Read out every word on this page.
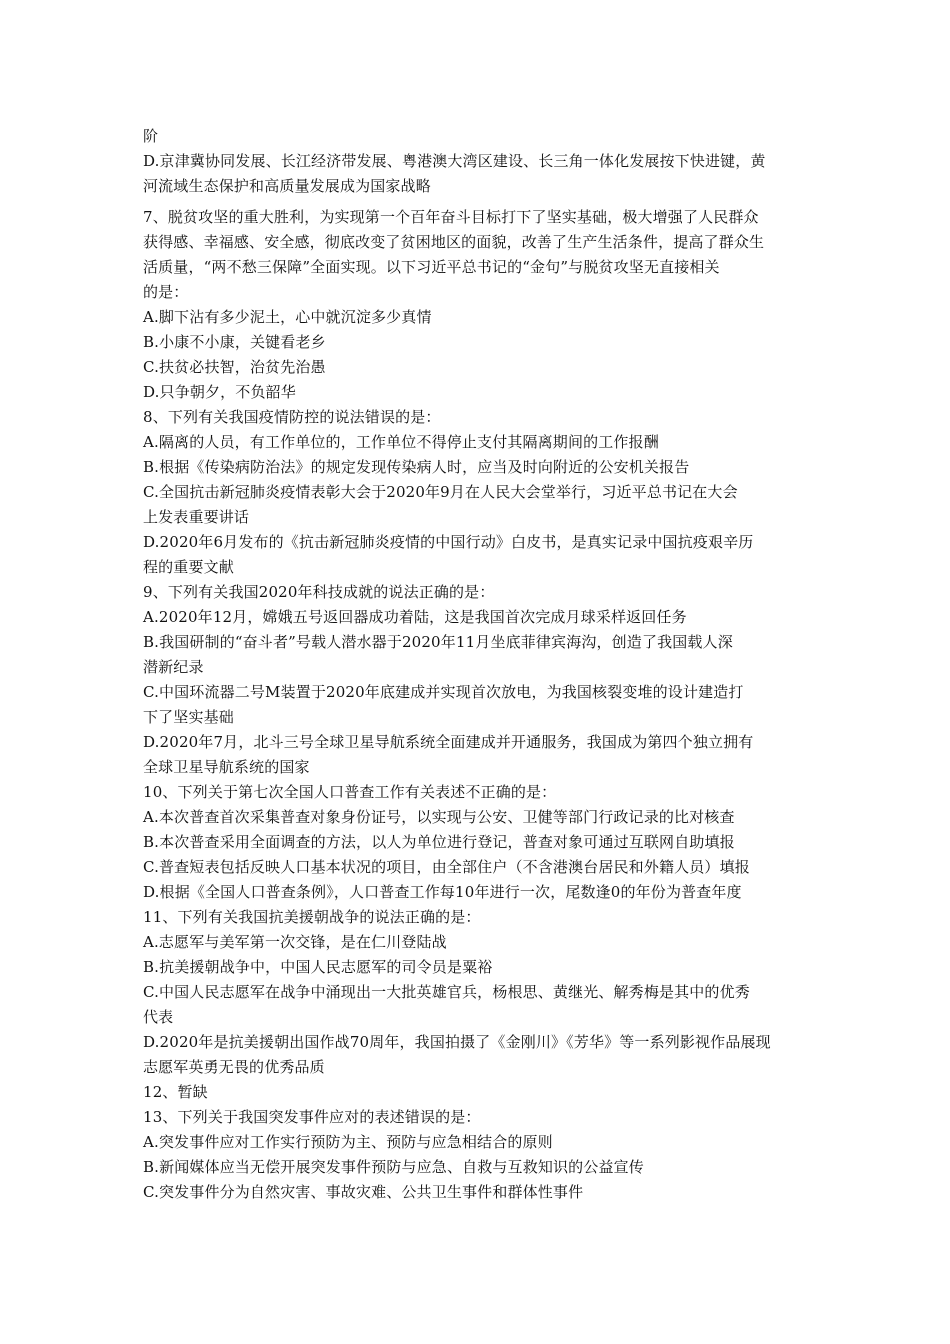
阶
D.京津冀协同发展、长江经济带发展、粤港澳大湾区建设、长三角一体化发展按下快进键，黄
河流域生态保护和高质量发展成为国家战略
7、脱贫攻坚的重大胜利，为实现第一个百年奋斗目标打下了坚实基础，极大增强了人民群众
获得感、幸福感、安全感，彻底改变了贫困地区的面貌，改善了生产生活条件，提高了群众生
活质量，“两不愁三保障”全面实现。以下习近平总书记的“金句”与脱贫攻坚无直接相关
的是：
A.脚下沾有多少泥土，心中就沉淀多少真情
B.小康不小康，关键看老乡
C.扶贫必扶智，治贫先治愚
D.只争朝夕，不负韶华
8、下列有关我国疫情防控的说法错误的是：
A.隔离的人员，有工作单位的，工作单位不得停止支付其隔离期间的工作报酬
B.根据《传染病防治法》的规定发现传染病人时，应当及时向附近的公安机关报告
C.全国抗击新冠肺炎疫情表彰大会于2020年9月在人民大会堂举行，习近平总书记在大会
上发表重要讲话
D.2020年6月发布的《抗击新冠肺炎疫情的中国行动》白皮书，是真实记录中国抗疫艰辛历
程的重要文献
9、下列有关我国2020年科技成就的说法正确的是：
A.2020年12月，嫦娥五号返回器成功着陆，这是我国首次完成月球采样返回任务
B.我国研制的“奋斗者”号载人潜水器于2020年11月坐底菲律宾海沟，创造了我国载人深
潜新纪录
C.中国环流器二号M装置于2020年底建成并实现首次放电，为我国核裂变堆的设计建造打
下了坚实基础
D.2020年7月，北斗三号全球卫星导航系统全面建成并开通服务，我国成为第四个独立拥有
全球卫星导航系统的国家
10、下列关于第七次全国人口普查工作有关表述不正确的是：
A.本次普查首次采集普查对象身份证号，以实现与公安、卫健等部门行政记录的比对核查
B.本次普查采用全面调查的方法，以人为单位进行登记，普查对象可通过互联网自助填报
C.普查短表包括反映人口基本状况的项目，由全部住户（不含港澳台居民和外籍人员）填报
D.根据《全国人口普查条例》，人口普查工作每10年进行一次，尾数逢0的年份为普查年度
11、下列有关我国抗美援朝战争的说法正确的是：
A.志愿军与美军第一次交锋，是在仁川登陆战
B.抗美援朝战争中，中国人民志愿军的司令员是粟裕
C.中国人民志愿军在战争中涌现出一大批英雄官兵，杨根思、黄继光、解秀梅是其中的优秀
代表
D.2020年是抗美援朝出国作战70周年，我国拍摄了《金刚川》《芳华》等一系列影视作品展现
志愿军英勇无畏的优秀品质
12、暂缺
13、下列关于我国突发事件应对的表述错误的是：
A.突发事件应对工作实行预防为主、预防与应急相结合的原则
B.新闻媒体应当无偿开展突发事件预防与应急、自救与互救知识的公益宣传
C.突发事件分为自然灾害、事故灾难、公共卫生事件和群体性事件
